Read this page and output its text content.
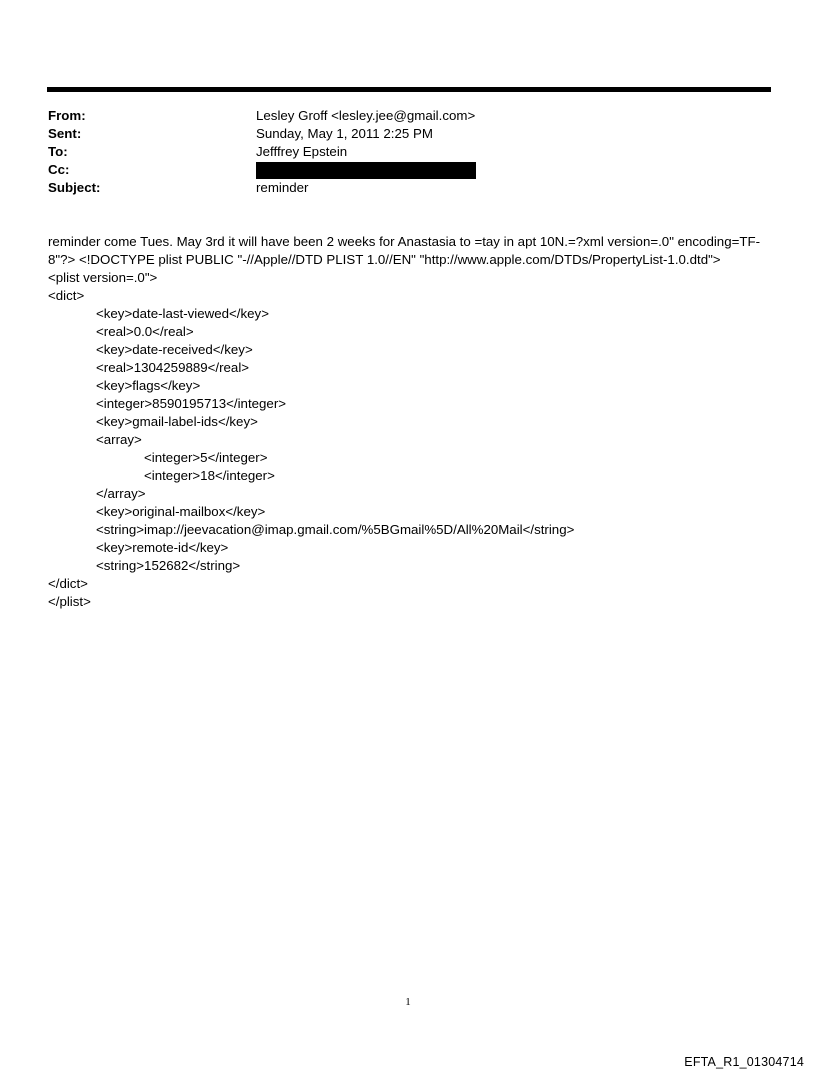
From:	Lesley Groff <lesley.jee@gmail.com>
Sent:	Sunday, May 1, 2011 2:25 PM
To:	Jefffrey Epstein
Cc:
Subject:	reminder
reminder come Tues. May 3rd it will have been 2 weeks for Anastasia to =tay in apt 10N.=?xml version=.0" encoding=TF-8"?> <!DOCTYPE plist PUBLIC "-//Apple//DTD PLIST 1.0//EN" "http://www.apple.com/DTDs/PropertyList-1.0.dtd">
<plist version=.0">
<dict>
<key>date-last-viewed</key>
<real>0.0</real>
<key>date-received</key>
<real>1304259889</real>
<key>flags</key>
<integer>8590195713</integer>
<key>gmail-label-ids</key>
<array>
<integer>5</integer>
<integer>18</integer>
</array>
<key>original-mailbox</key>
<string>imap://jeevacation@imap.gmail.com/%5BGmail%5D/All%20Mail</string>
<key>remote-id</key>
<string>152682</string>
</dict>
</plist>
1
EFTA_R1_01304714
